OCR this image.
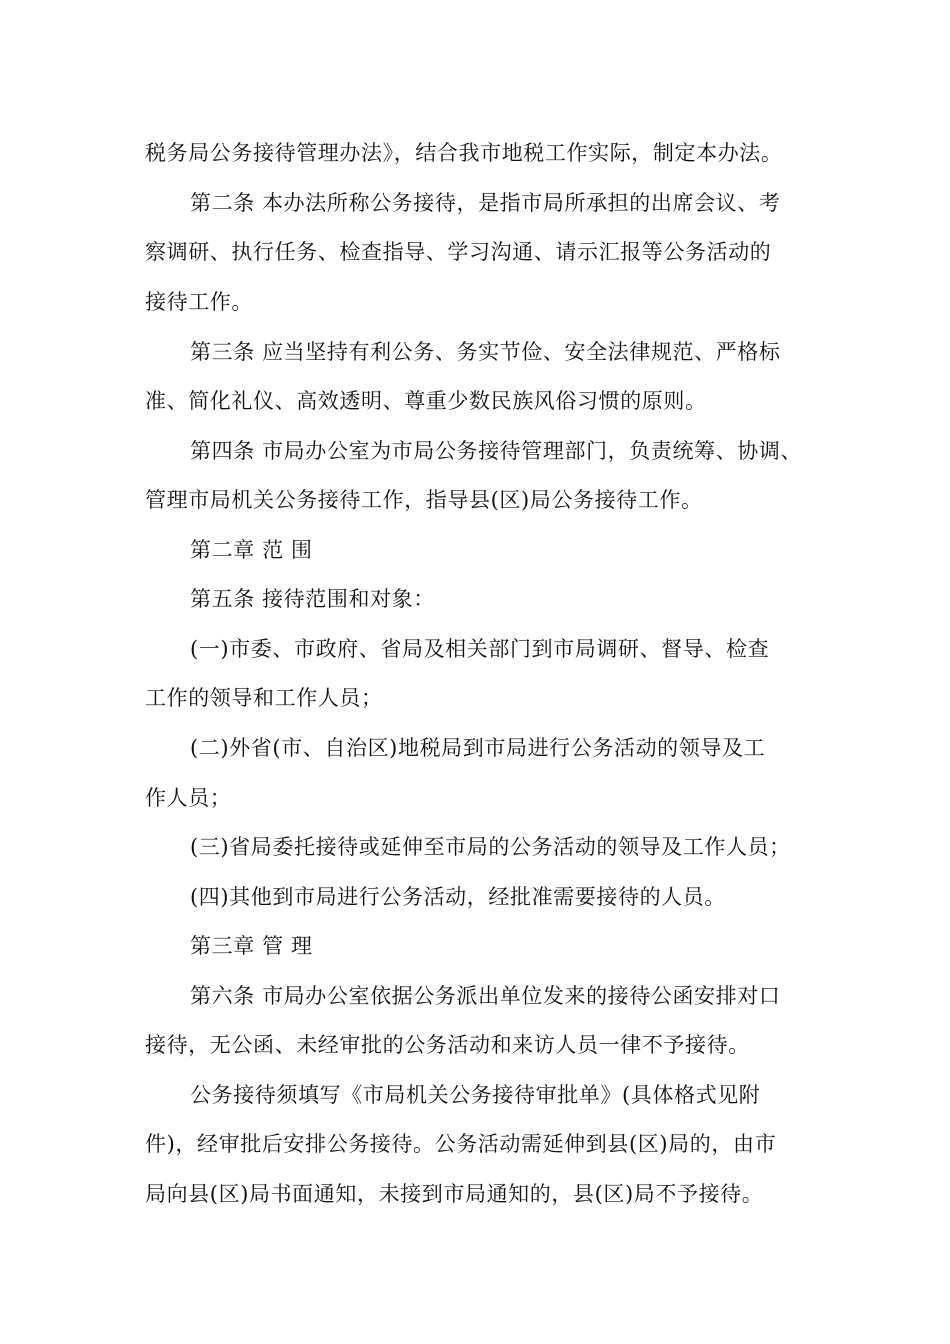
税务局公务接待管理办法》，结合我市地税工作实际，制定本办法。
第二条 本办法所称公务接待，是指市局所承担的出席会议、考
察调研、执行任务、检查指导、学习沟通、请示汇报等公务活动的
接待工作。
第三条 应当坚持有利公务、务实节俭、安全法律规范、严格标
准、简化礼仪、高效透明、尊重少数民族风俗习惯的原则。
第四条 市局办公室为市局公务接待管理部门，负责统筹、协调、
管理市局机关公务接待工作，指导县(区)局公务接待工作。
第二章 范 围
第五条 接待范围和对象：
(一)市委、市政府、省局及相关部门到市局调研、督导、检查
工作的领导和工作人员；
(二)外省(市、自治区)地税局到市局进行公务活动的领导及工
作人员；
(三)省局委托接待或延伸至市局的公务活动的领导及工作人员；
(四)其他到市局进行公务活动，经批准需要接待的人员。
第三章 管 理
第六条 市局办公室依据公务派出单位发来的接待公函安排对口
接待，无公函、未经审批的公务活动和来访人员一律不予接待。
公务接待须填写《市局机关公务接待审批单》(具体格式见附
件)，经审批后安排公务接待。公务活动需延伸到县(区)局的，由市
局向县(区)局书面通知，未接到市局通知的，县(区)局不予接待。
